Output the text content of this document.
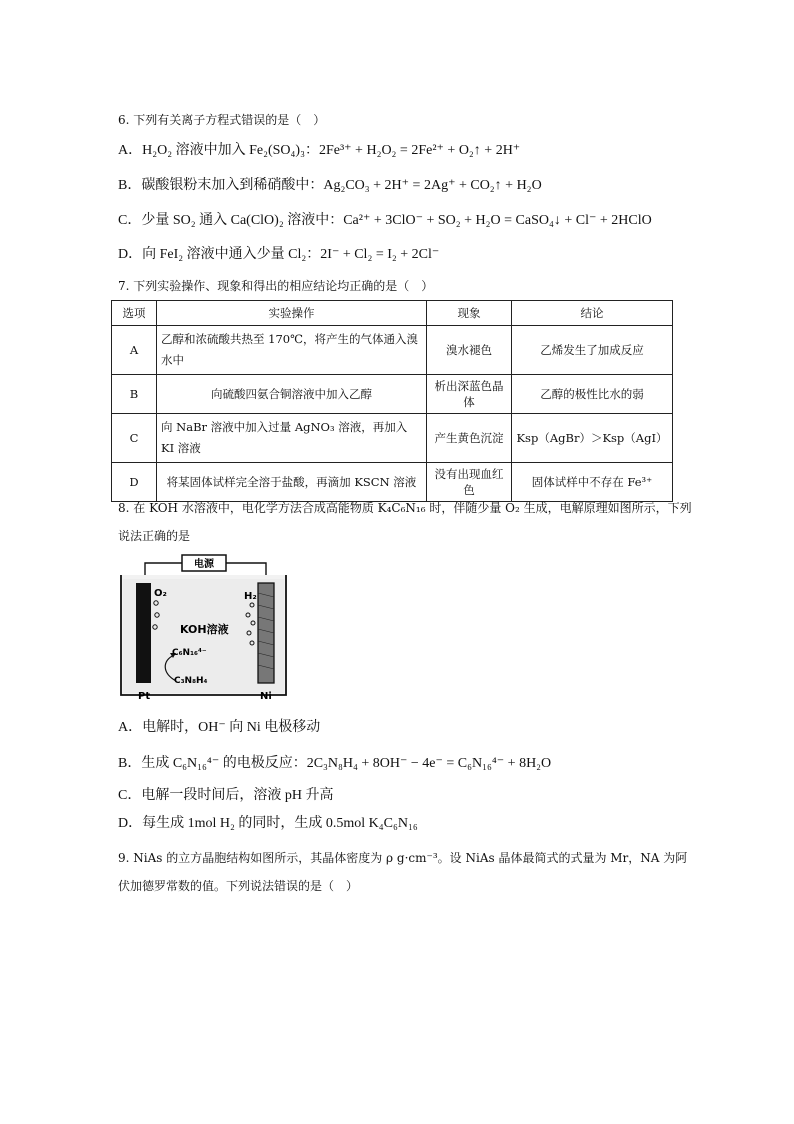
6. 下列有关离子方程式错误的是（　）
A．H₂O₂ 溶液中加入 Fe₂(SO₄)₃：2Fe³⁺ + H₂O₂ = 2Fe²⁺ + O₂↑ + 2H⁺
B．碳酸银粉末加入到稀硝酸中：Ag₂CO₃ + 2H⁺ = 2Ag⁺ + CO₂↑ + H₂O
C．少量 SO₂ 通入 Ca(ClO)₂ 溶液中：Ca²⁺ + 3ClO⁻ + SO₂ + H₂O = CaSO₄↓ + Cl⁻ + 2HClO
D．向 FeI₂ 溶液中通入少量 Cl₂：2I⁻ + Cl₂ = I₂ + 2Cl⁻
7. 下列实验操作、现象和得出的相应结论均正确的是（　）
选项	实验操作	现象	结论
A	乙醇和浓硫酸共热至 170℃，将产生的气体通入溴水中	溴水褪色	乙烯发生了加成反应
B	向硫酸四氨合铜溶液中加入乙醇	析出深蓝色晶体	乙醇的极性比水的弱
C	向 NaBr 溶液中加入过量 AgNO₃ 溶液，再加入 KI 溶液	产生黄色沉淀	Ksp（AgBr）＞Ksp（AgI）
D	将某固体试样完全溶于盐酸，再滴加 KSCN 溶液	没有出现血红色	固体试样中不存在 Fe³⁺
8. 在 KOH 水溶液中，电化学方法合成高能物质 K₄C₆N₁₆ 时，伴随少量 O₂ 生成，电解原理如图所示，下列
说法正确的是
电源
O₂
Pt
KOH溶液
C₆N₁₆⁴⁻
C₃N₈H₄
H₂
Ni
A．电解时，OH⁻ 向 Ni 电极移动
B．生成 C₆N₁₆⁴⁻ 的电极反应：2C₃N₈H₄ + 8OH⁻ − 4e⁻ = C₆N₁₆⁴⁻ + 8H₂O
C．电解一段时间后，溶液 pH 升高
D．每生成 1mol H₂ 的同时，生成 0.5mol K₄C₆N₁₆
9. NiAs 的立方晶胞结构如图所示，其晶体密度为 ρ g·cm⁻³。设 NiAs 晶体最简式的式量为 Mr，NA 为阿
伏加德罗常数的值。下列说法错误的是（　）
